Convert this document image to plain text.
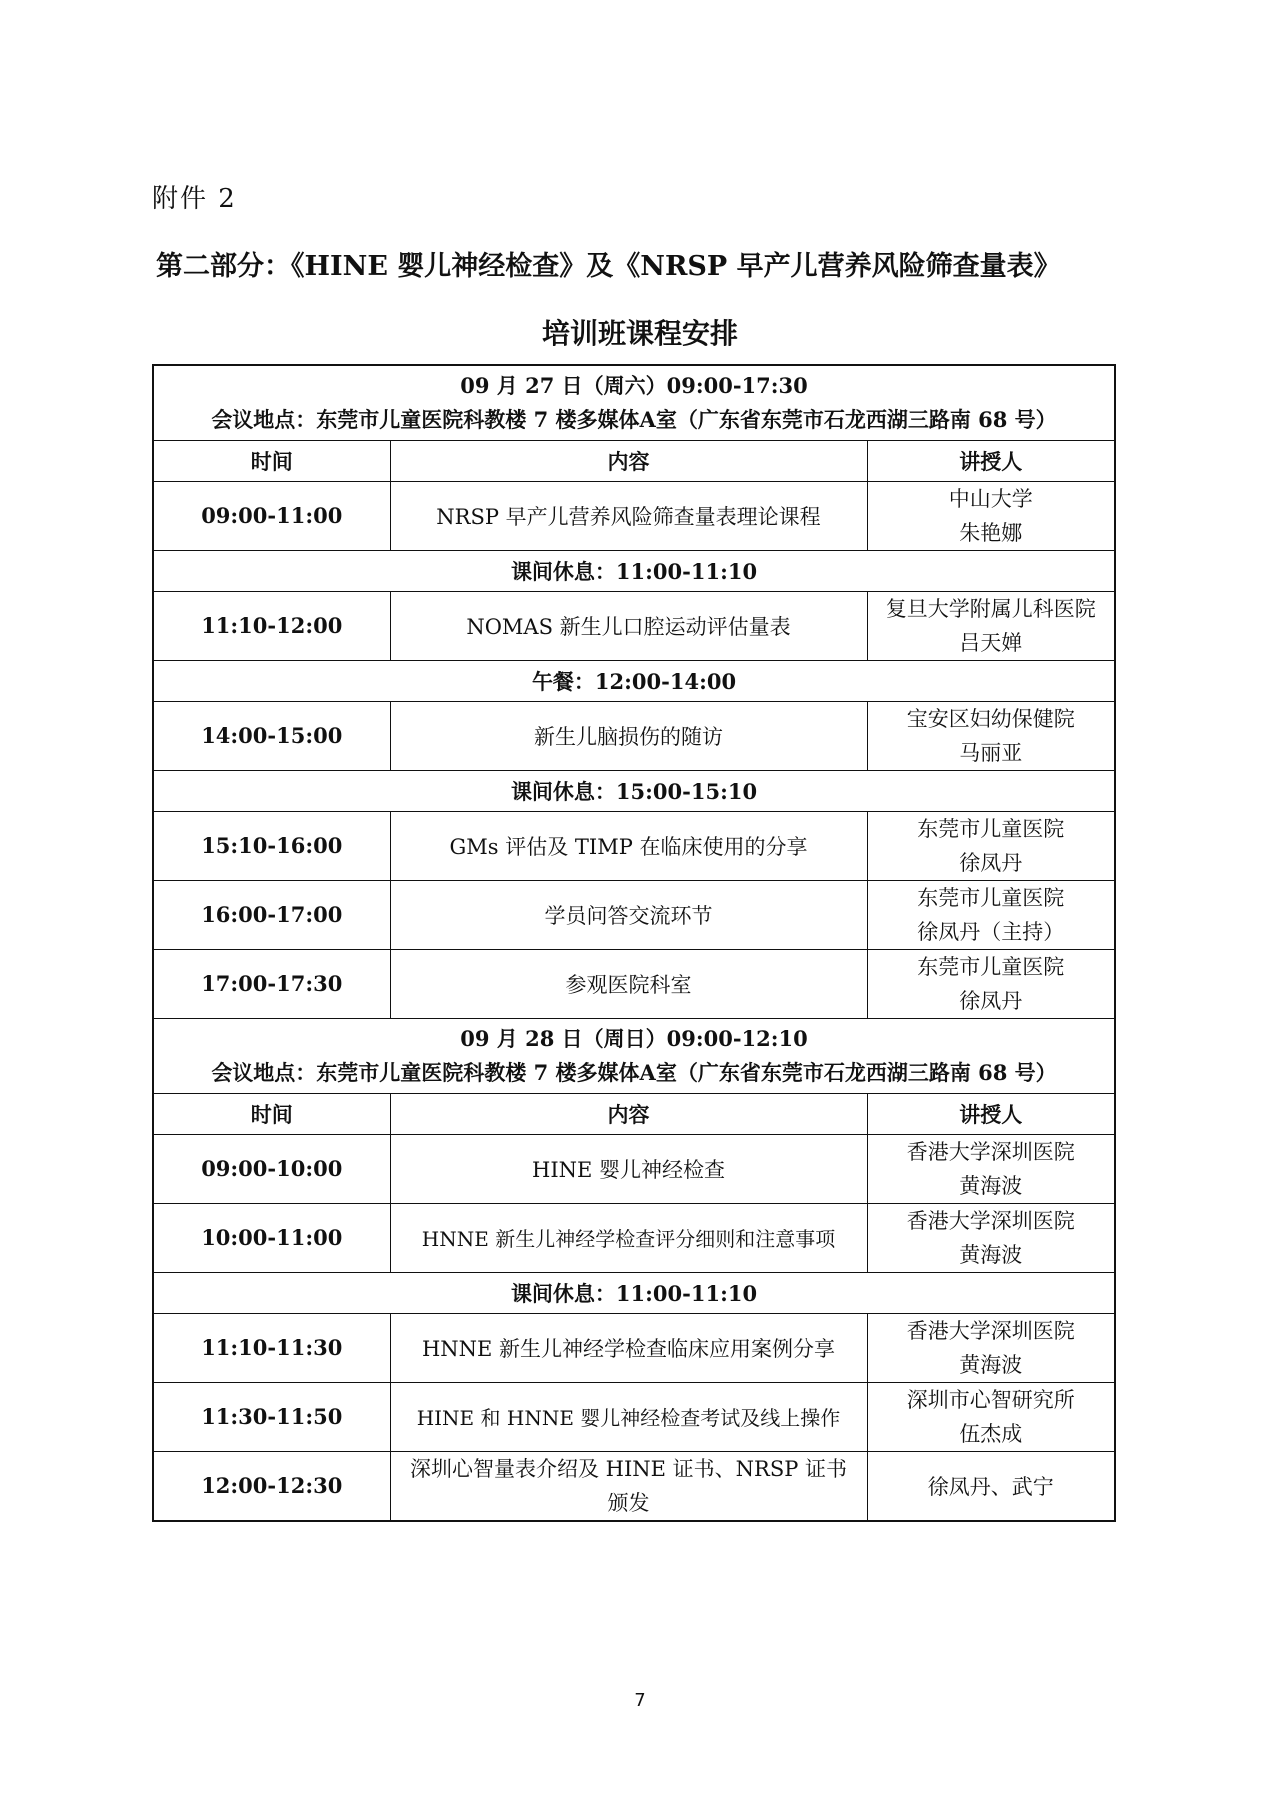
附件 2
第二部分：《HINE 婴儿神经检查》及《NRSP 早产儿营养风险筛查量表》
培训班课程安排
09 月 27 日（周六）09:00-17:30
会议地点：东莞市儿童医院科教楼 7 楼多媒体A室（广东省东莞市石龙西湖三路南 68 号）		

时间	内容	讲授人
09:00-11:00	NRSP 早产儿营养风险筛查量表理论课程	中山大学
朱艳娜

课间休息：11:00-11:10		
11:10-12:00	NOMAS 新生儿口腔运动评估量表	复旦大学附属儿科医院
吕天婵

午餐：12:00-14:00		
14:00-15:00	新生儿脑损伤的随访	宝安区妇幼保健院
马丽亚

课间休息：15:00-15:10		
15:10-16:00	GMs 评估及 TIMP 在临床使用的分享	东莞市儿童医院
徐凤丹

16:00-17:00	学员问答交流环节	东莞市儿童医院
徐凤丹（主持）

17:00-17:30	参观医院科室	东莞市儿童医院
徐凤丹

09 月 28 日（周日）09:00-12:10
会议地点：东莞市儿童医院科教楼 7 楼多媒体A室（广东省东莞市石龙西湖三路南 68 号）		

时间	内容	讲授人
09:00-10:00	HINE 婴儿神经检查	香港大学深圳医院
黄海波

10:00-11:00	HNNE 新生儿神经学检查评分细则和注意事项	香港大学深圳医院
黄海波

课间休息：11:00-11:10		
11:10-11:30	HNNE 新生儿神经学检查临床应用案例分享	香港大学深圳医院
黄海波

11:30-11:50	HINE 和 HNNE 婴儿神经检查考试及线上操作	深圳市心智研究所
伍杰成

12:00-12:30	深圳心智量表介绍及 HINE 证书、NRSP 证书
颁发	徐凤丹、武宁
7
